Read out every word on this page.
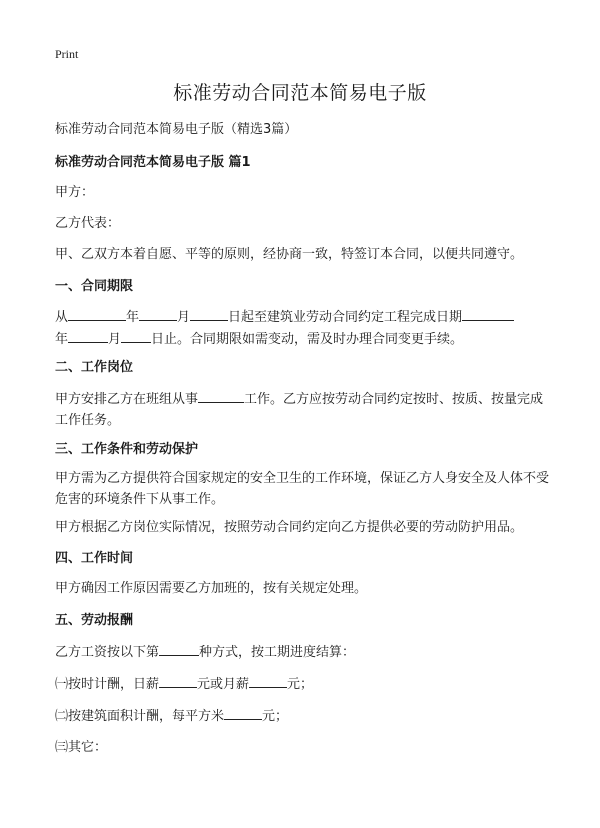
Print
标准劳动合同范本简易电子版

标准劳动合同范本简易电子版（精选3篇）

标准劳动合同范本简易电子版 篇1

甲方：

乙方代表：

甲、乙双方本着自愿、平等的原则，经协商一致，特签订本合同，以便共同遵守。

一、合同期限

从	年	月	日起至建筑业劳动合同约定工程完成日期
年	月 日止。合同期限如需变动，需及时办理合同变更手续。

二、工作岗位

甲方安排乙方在班组从事	工作。乙方应按劳动合同约定按时、按质、按量完成工作任务。

三、工作条件和劳动保护

甲方需为乙方提供符合国家规定的安全卫生的工作环境，保证乙方人身安全及人体不受危害的环境条件下从事工作。

甲方根据乙方岗位实际情况，按照劳动合同约定向乙方提供必要的劳动防护用品。

四、工作时间

甲方确因工作原因需要乙方加班的，按有关规定处理。

五、劳动报酬

乙方工资按以下第	种方式，按工期进度结算：

㈠按时计酬，日薪	元或月薪	元；

㈡按建筑面积计酬，每平方米	元；

㈢其它：
